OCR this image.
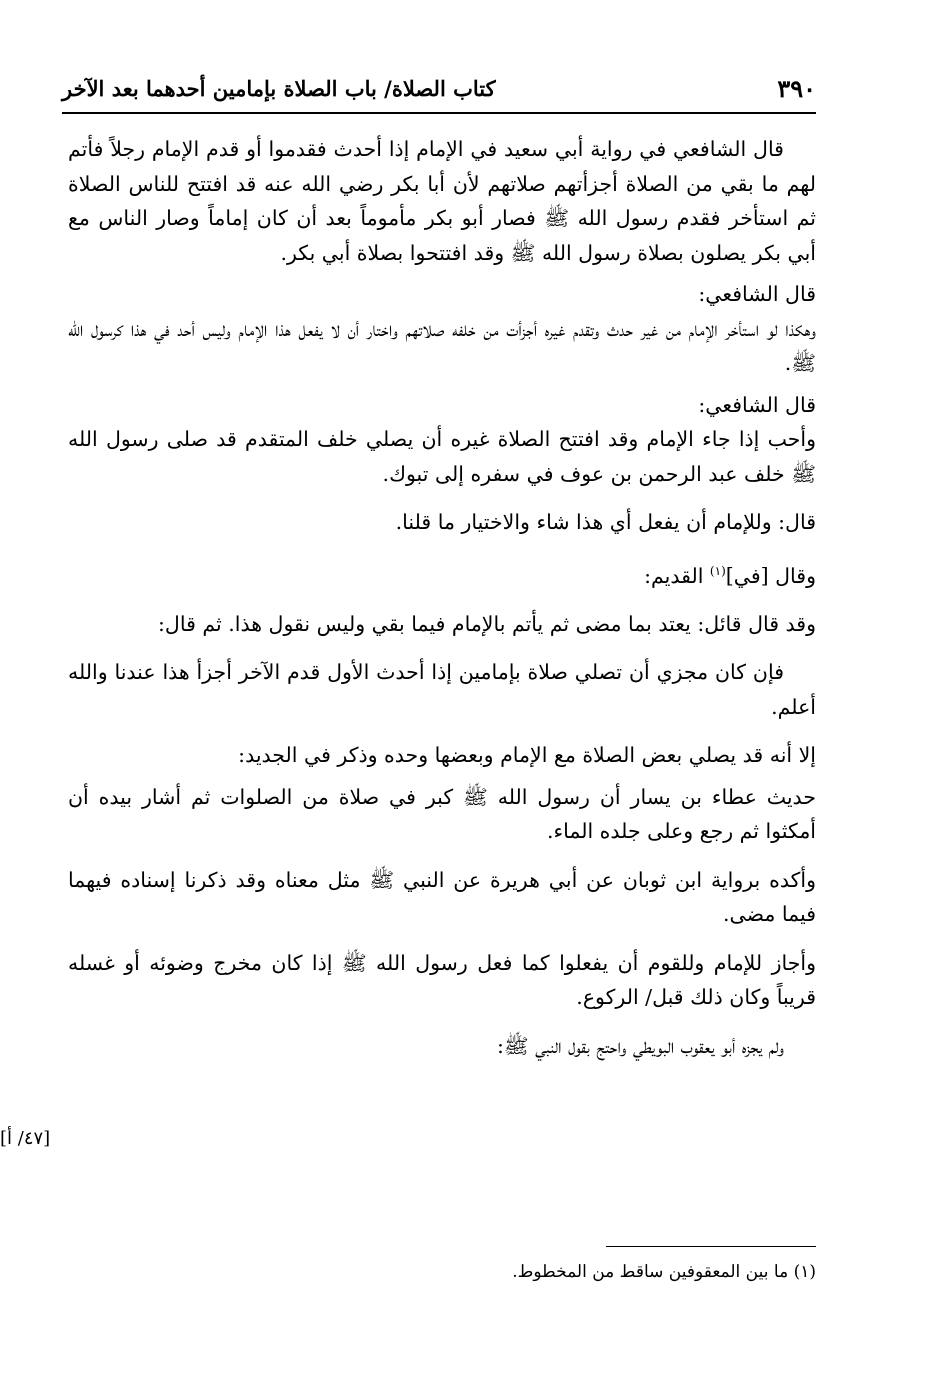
٣٩٠
كتاب الصلاة/ باب الصلاة بإمامين أحدهما بعد الآخر

قال الشافعي في رواية أبي سعيد في الإمام إذا أحدث فقدموا أو قدم الإمام رجلاً فأتم لهم ما بقي من الصلاة أجزأتهم صلاتهم لأن أبا بكر رضي الله عنه قد افتتح للناس الصلاة ثم استأخر فقدم رسول الله ﷺ فصار أبو بكر مأموماً بعد أن كان إماماً وصار الناس مع أبي بكر يصلون بصلاة رسول الله ﷺ وقد افتتحوا بصلاة أبي بكر.

قال الشافعي:

وهكذا لو استأخر الإمام من غير حدث وتقدم غيره أجزأت من خلفه صلاتهم واختار أن لا يفعل هذا الإمام وليس أحد في هذا كرسول الله ﷺ.

قال الشافعي:

وأحب إذا جاء الإمام وقد افتتح الصلاة غيره أن يصلي خلف المتقدم قد صلى رسول الله ﷺ خلف عبد الرحمن بن عوف في سفره إلى تبوك.

قال: وللإمام أن يفعل أي هذا شاء والاختيار ما قلنا.

وقال [في]$^{(١)}$ القديم:

وقد قال قائل: يعتد بما مضى ثم يأتم بالإمام فيما بقي وليس نقول هذا. ثم قال:

فإن كان مجزي أن تصلي صلاة بإمامين إذا أحدث الأول قدم الآخر أجزأ هذا عندنا والله أعلم.

إلا أنه قد يصلي بعض الصلاة مع الإمام وبعضها وحده وذكر في الجديد:

حديث عطاء بن يسار أن رسول الله ﷺ كبر في صلاة من الصلوات ثم أشار بيده أن أمكثوا ثم رجع وعلى جلده الماء.

وأكده برواية ابن ثوبان عن أبي هريرة عن النبي ﷺ مثل معناه وقد ذكرنا إسناده فيهما فيما مضى.

وأجاز للإمام وللقوم أن يفعلوا كما فعل رسول الله ﷺ إذا كان مخرج وضوئه أو غسله قريباً وكان ذلك قبل/ الركوع.

ولم يجزه أبو يعقوب البويطي واحتج بقول النبي ﷺ:

[٤٧/ أ]
(١) ما بين المعقوفين ساقط من المخطوط.
